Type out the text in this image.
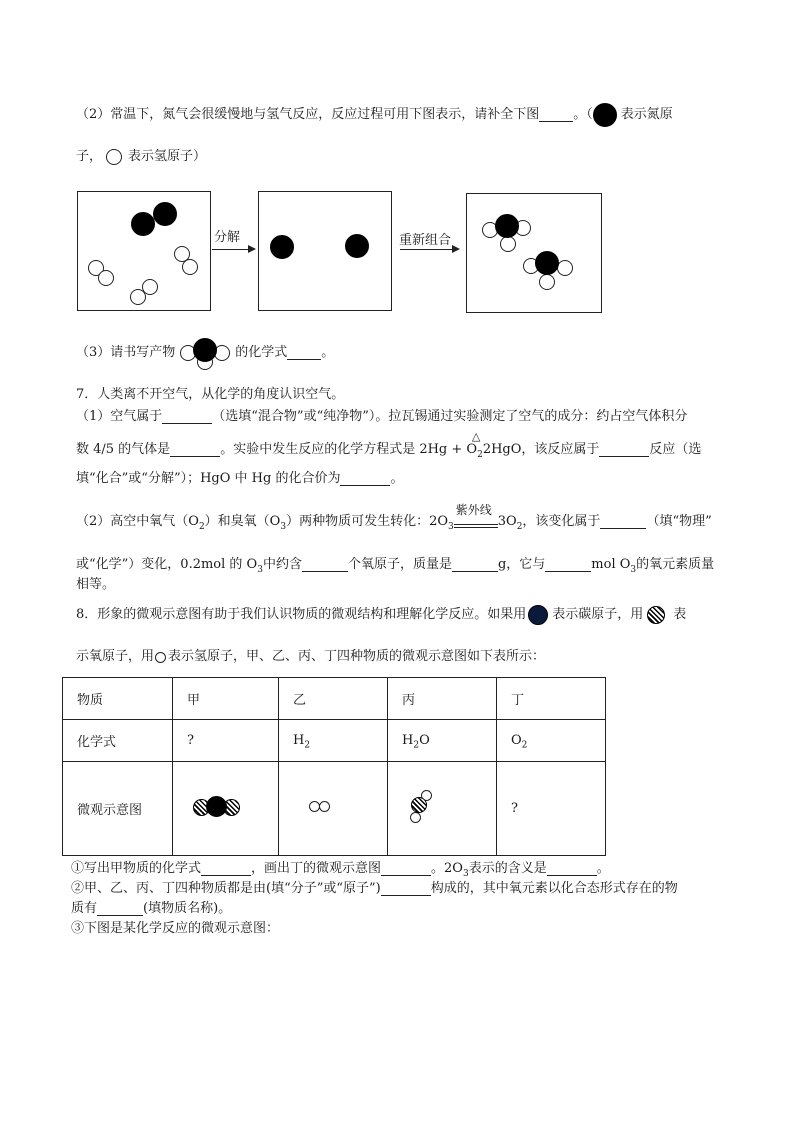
（2）常温下，氮气会很缓慢地与氢气反应，反应过程可用下图表示，请补全下图	。（ 表示氮原
子， 表示氢原子）
分解	重新组合
（3）请书写产物	的化学式	。
7．人类离不开空气，从化学的角度认识空气。
（1）空气属于	（选填“混合物”或“纯净物”）。拉瓦锡通过实验测定了空气的成分：约占空气体积分
数 4/5 的气体是	。实验中发生反应的化学方程式是 $2Hg + O_2$
△
2HgO，该反应属于	反应（选
填“化合”或“分解”）；HgO 中 Hg 的化合价为	。
（2）高空中氧气$(O_2)$和臭氧$(O_3)$两种物质可发生转化：$2O_3$
紫外线
$3O_2$，该变化属于	（填“物理”
或“化学”）变化，0.2mol 的 $O_3$中约含	个氧原子，质量是	g，它与	mol $O_3$的氧元素质量
相等。
8．形象的微观示意图有助于我们认识物质的微观结构和理解化学反应。如果用 表示碳原子，用 表
示氧原子，用 表示氢原子，甲、乙、丙、丁四种物质的微观示意图如下表所示：
物质	甲	乙	丙	丁
化学式	?	$H_2$	$H_2O$	$O_2$
微观示意图				?
①写出甲物质的化学式	，画出丁的微观示意图	。$2O_3$表示的含义是	。
②甲、乙、丙、丁四种物质都是由(填“分子”或“原子”)	构成的，其中氧元素以化合态形式存在的物
质有	(填物质名称)。
③下图是某化学反应的微观示意图：
